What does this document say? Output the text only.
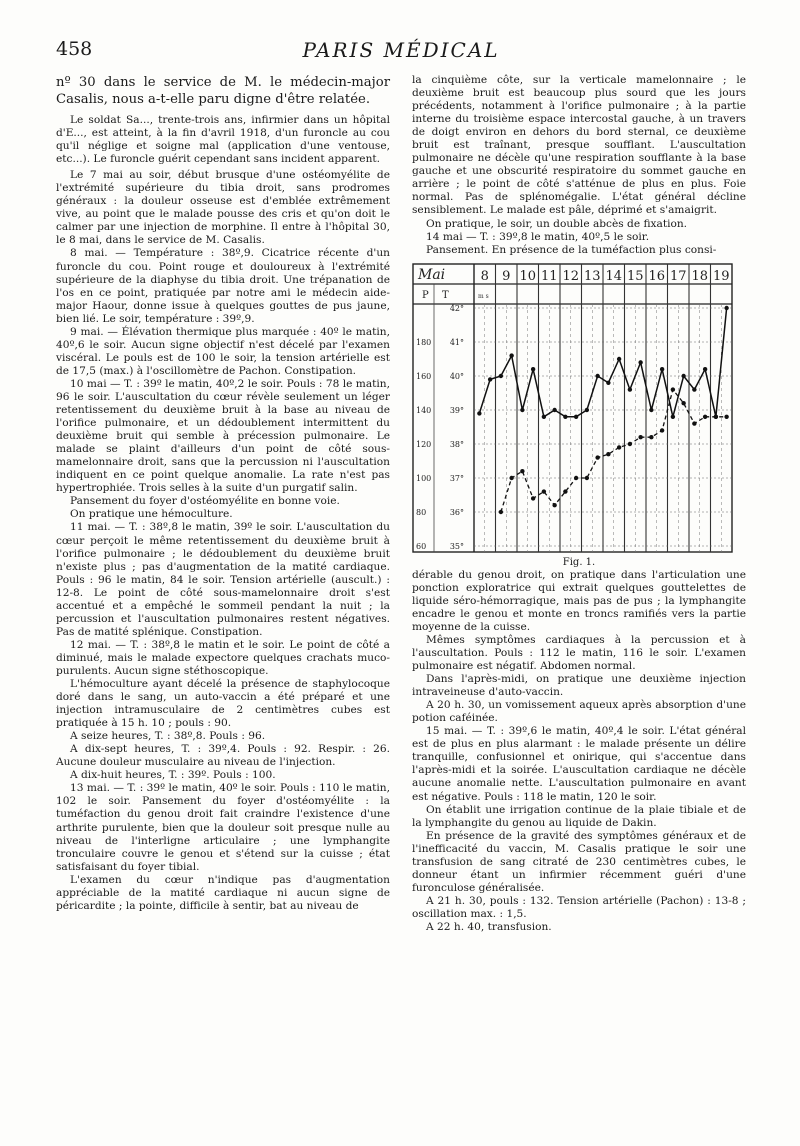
458	PARIS MÉDICAL

nº 30 dans le service de M. le médecin-major Casalis, nous a-t-elle paru digne d'être relatée.

Le soldat Sa..., trente-trois ans, infirmier dans un hôpital d'E..., est atteint, à la fin d'avril 1918, d'un furoncle au cou qu'il néglige et soigne mal (application d'une ventouse, etc...). Le furoncle guérit cependant sans incident apparent.

Le 7 mai au soir, début brusque d'une ostéomyélite de l'extrémité supérieure du tibia droit, sans prodromes généraux : la douleur osseuse est d'emblée extrêmement vive, au point que le malade pousse des cris et qu'on doit le calmer par une injection de morphine. Il entre à l'hôpital 30, le 8 mai, dans le service de M. Casalis.

8 mai. — Température : 38º,9. Cicatrice récente d'un furoncle du cou. Point rouge et douloureux à l'extrémité supérieure de la diaphyse du tibia droit. Une trépanation de l'os en ce point, pratiquée par notre ami le médecin aide-major Haour, donne issue à quelques gouttes de pus jaune, bien lié. Le soir, température : 39º,9.

9 mai. — Élévation thermique plus marquée : 40º le matin, 40º,6 le soir. Aucun signe objectif n'est décelé par l'examen viscéral. Le pouls est de 100 le soir, la tension artérielle est de 17,5 (max.) à l'oscillomètre de Pachon. Constipation.

10 mai — T. : 39º le matin, 40º,2 le soir. Pouls : 78 le matin, 96 le soir. L'auscultation du cœur révèle seulement un léger retentissement du deuxième bruit à la base au niveau de l'orifice pulmonaire, et un dédoublement intermittent du deuxième bruit qui semble à précession pulmonaire. Le malade se plaint d'ailleurs d'un point de côté sous-mamelonnaire droit, sans que la percussion ni l'auscultation indiquent en ce point quelque anomalie. La rate n'est pas hypertrophiée. Trois selles à la suite d'un purgatif salin.

Pansement du foyer d'ostéomyélite en bonne voie.

On pratique une hémoculture.

11 mai. — T. : 38º,8 le matin, 39º le soir. L'auscultation du cœur perçoit le même retentissement du deuxième bruit à l'orifice pulmonaire ; le dédoublement du deuxième bruit n'existe plus ; pas d'augmentation de la matité cardiaque. Pouls : 96 le matin, 84 le soir. Tension artérielle (auscult.) : 12-8. Le point de côté sous-mamelonnaire droit s'est accentué et a empêché le sommeil pendant la nuit ; la percussion et l'auscultation pulmonaires restent négatives. Pas de matité splénique. Constipation.

12 mai. — T. : 38º,8 le matin et le soir. Le point de côté a diminué, mais le malade expectore quelques crachats muco-purulents. Aucun signe stéthoscopique.

L'hémoculture ayant décelé la présence de staphylocoque doré dans le sang, un auto-vaccin a été préparé et une injection intramusculaire de 2 centimètres cubes est pratiquée à 15 h. 10 ; pouls : 90.

A seize heures, T. : 38º,8. Pouls : 96.

A dix-sept heures, T. : 39º,4. Pouls : 92. Respir. : 26. Aucune douleur musculaire au niveau de l'injection.

A dix-huit heures, T. : 39º. Pouls : 100.

13 mai. — T. : 39º le matin, 40º le soir. Pouls : 110 le matin, 102 le soir. Pansement du foyer d'ostéomyélite : la tuméfaction du genou droit fait craindre l'existence d'une arthrite purulente, bien que la douleur soit presque nulle au niveau de l'interligne articulaire ; une lymphangite tronculaire couvre le genou et s'étend sur la cuisse ; état satisfaisant du foyer tibial.

L'examen du cœur n'indique pas d'augmentation appréciable de la matité cardiaque ni aucun signe de péricardite ; la pointe, difficile à sentir, bat au niveau de

la cinquième côte, sur la verticale mamelonnaire ; le deuxième bruit est beaucoup plus sourd que les jours précédents, notamment à l'orifice pulmonaire ; à la partie interne du troisième espace intercostal gauche, à un travers de doigt environ en dehors du bord sternal, ce deuxième bruit est traînant, presque soufflant. L'auscultation pulmonaire ne décèle qu'une respiration soufflante à la base gauche et une obscurité respiratoire du sommet gauche en arrière ; le point de côté s'atténue de plus en plus. Foie normal. Pas de splénomégalie. L'état général décline sensiblement. Le malade est pâle, déprimé et s'amaigrit.

On pratique, le soir, un double abcès de fixation.

14 mai — T. : 39º,8 le matin, 40º,5 le soir.

Pansement. En présence de la tuméfaction plus consi-

Mai
P T	m s
8 9 10 11 12 13 14 15 16 17 18 19
42°
41°
180
40°
160
39°
140
38°
120
37°
100
36°
80
35°
60

Fig. 1.

dérable du genou droit, on pratique dans l'articulation une ponction exploratrice qui extrait quelques gouttelettes de liquide séro-hémorragique, mais pas de pus ; la lymphangite encadre le genou et monte en troncs ramifiés vers la partie moyenne de la cuisse.

Mêmes symptômes cardiaques à la percussion et à l'auscultation. Pouls : 112 le matin, 116 le soir. L'examen pulmonaire est négatif. Abdomen normal.

Dans l'après-midi, on pratique une deuxième injection intraveineuse d'auto-vaccin.

A 20 h. 30, un vomissement aqueux après absorption d'une potion caféinée.

15 mai. — T. : 39º,6 le matin, 40º,4 le soir. L'état général est de plus en plus alarmant : le malade présente un délire tranquille, confusionnel et onirique, qui s'accentue dans l'après-midi et la soirée. L'auscultation cardiaque ne décèle aucune anomalie nette. L'auscultation pulmonaire en avant est négative. Pouls : 118 le matin, 120 le soir.

On établit une irrigation continue de la plaie tibiale et de la lymphangite du genou au liquide de Dakin.

En présence de la gravité des symptômes généraux et de l'inefficacité du vaccin, M. Casalis pratique le soir une transfusion de sang citraté de 230 centimètres cubes, le donneur étant un infirmier récemment guéri d'une furonculose généralisée.

A 21 h. 30, pouls : 132. Tension artérielle (Pachon) : 13-8 ; oscillation max. : 1,5.

A 22 h. 40, transfusion.
